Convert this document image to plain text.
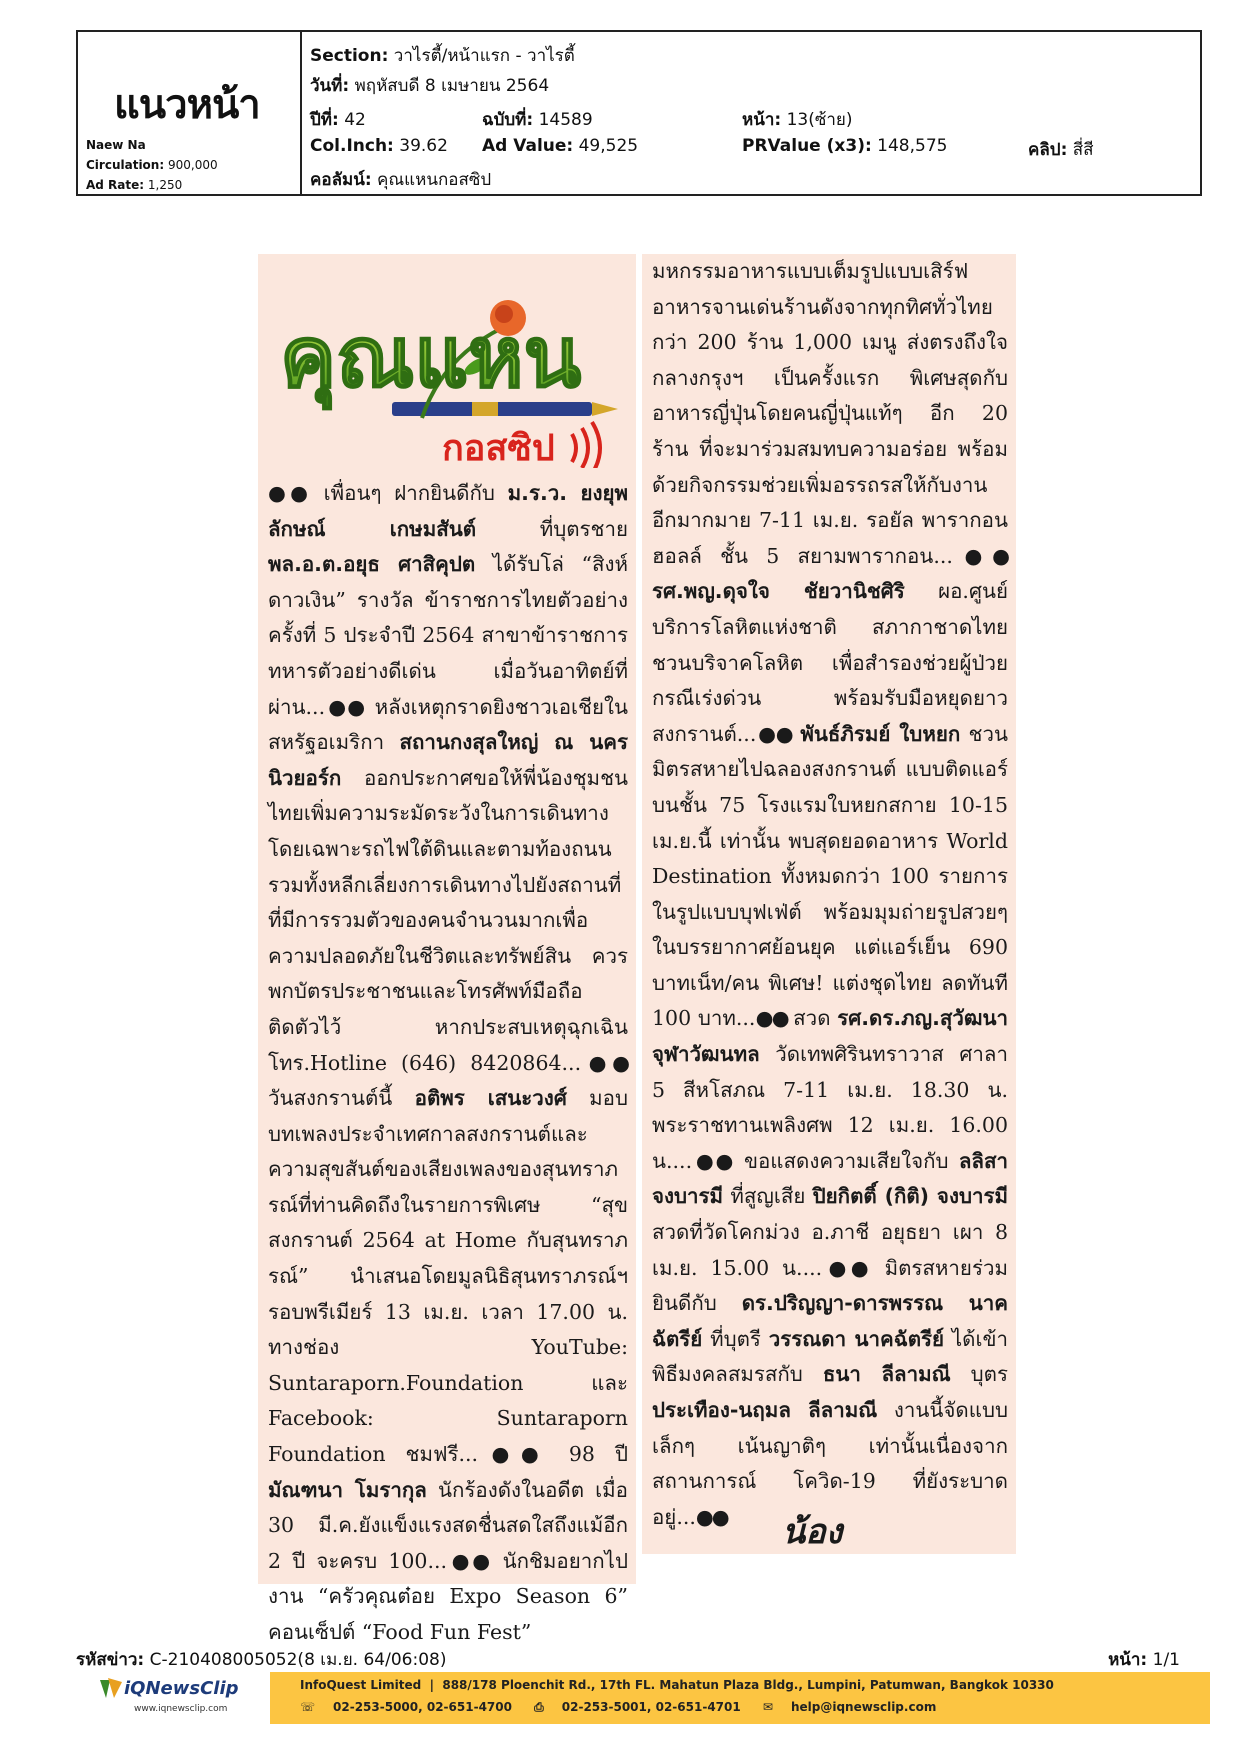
แนวหน้า
Naew Na
Circulation: 900,000
Ad Rate: 1,250
Section: วาไรตี้/หน้าแรก - วาไรตี้
วันที่: พฤหัสบดี 8 เมษายน 2564
ปีที่: 42	ฉบับที่: 14589	หน้า: 13(ซ้าย)
Col.Inch: 39.62 Ad Value: 49,525	PRValue (x3): 148,575	คลิป: สี่สี
คอลัมน์: คุณแหนกอสซิป
คุณแหน
กอสซิป
●● เพื่อนๆ ฝากยินดีกับ ม.ร.ว. ยงยุพลักษณ์ เกษมสันต์ ที่บุตรชาย พล.อ.ต.อยุธ ศาสิคุปต ได้รับโล่ “สิงห์ดาวเงิน” รางวัล ข้าราชการไทยตัวอย่าง ครั้งที่ 5 ประจำปี 2564 สาขาข้าราชการทหารตัวอย่างดีเด่น เมื่อวันอาทิตย์ที่ผ่าน...●● หลังเหตุกราดยิงชาวเอเชียในสหรัฐอเมริกา สถานกงสุลใหญ่ ณ นครนิวยอร์ก ออกประกาศขอให้พี่น้องชุมชนไทยเพิ่มความระมัดระวังในการเดินทาง โดยเฉพาะรถไฟใต้ดินและตามท้องถนน รวมทั้งหลีกเลี่ยงการเดินทางไปยังสถานที่ที่มีการรวมตัวของคนจำนวนมากเพื่อความปลอดภัยในชีวิตและทรัพย์สิน ควรพกบัตรประชาชนและโทรศัพท์มือถือติดตัวไว้ หากประสบเหตุฉุกเฉิน โทร.Hotline (646) 8420864...●● วันสงกรานต์นี้ อติพร เสนะวงศ์ มอบบทเพลงประจำเทศกาลสงกรานต์และความสุขสันต์ของเสียงเพลงของสุนทราภรณ์ที่ท่านคิดถึงในรายการพิเศษ “สุขสงกรานต์ 2564 at Home กับสุนทราภรณ์” นำเสนอโดยมูลนิธิสุนทราภรณ์ฯ รอบพรีเมียร์ 13 เม.ย. เวลา 17.00 น. ทางช่อง YouTube: Suntaraporn.Foundation และ Facebook: Suntaraporn Foundation ชมฟรี...●● 98 ปี มัณฑนา โมรากุล นักร้องดังในอดีต เมื่อ 30 มี.ค.ยังแข็งแรงสดชื่นสดใสถึงแม้อีก 2 ปี จะครบ 100...●● นักชิมอยากไปงาน “ครัวคุณต๋อย Expo Season 6” คอนเซ็ปต์ “Food Fun Fest”
มหกรรมอาหารแบบเต็มรูปแบบเสิร์ฟอาหารจานเด่นร้านดังจากทุกทิศทั่วไทย กว่า 200 ร้าน 1,000 เมนู ส่งตรงถึงใจกลางกรุงฯ เป็นครั้งแรก พิเศษสุดกับอาหารญี่ปุ่นโดยคนญี่ปุ่นแท้ๆ อีก 20 ร้าน ที่จะมาร่วมสมทบความอร่อย พร้อมด้วยกิจกรรมช่วยเพิ่มอรรถรสให้กับงานอีกมากมาย 7-11 เม.ย. รอยัล พารากอน ฮอลล์ ชั้น 5 สยามพารากอน...●● รศ.พญ.ดุจใจ ชัยวานิชศิริ ผอ.ศูนย์บริการโลหิตแห่งชาติ สภากาชาดไทย ชวนบริจาคโลหิต เพื่อสำรองช่วยผู้ป่วยกรณีเร่งด่วน พร้อมรับมือหยุดยาวสงกรานต์...●● พันธ์ภิรมย์ ใบหยก ชวนมิตรสหายไปฉลองสงกรานต์ แบบติดแอร์บนชั้น 75 โรงแรมใบหยกสกาย 10-15 เม.ย.นี้ เท่านั้น พบสุดยอดอาหาร World Destination ทั้งหมดกว่า 100 รายการ ในรูปแบบบุฟเฟ่ต์ พร้อมมุมถ่ายรูปสวยๆ ในบรรยากาศย้อนยุค แต่แอร์เย็น 690 บาทเน็ท/คน พิเศษ! แต่งชุดไทย ลดทันที 100 บาท...●● สวด รศ.ดร.ภญ.สุวัฒนา จุฬาวัฒนทล วัดเทพศิรินทราวาส ศาลา 5 สีหโสภณ 7-11 เม.ย. 18.30 น. พระราชทานเพลิงศพ 12 เม.ย. 16.00 น....●● ขอแสดงความเสียใจกับ ลลิสา จงบารมี ที่สูญเสีย ปิยกิตติ์ (กิติ) จงบารมี สวดที่วัดโคกม่วง อ.ภาชี อยุธยา เผา 8 เม.ย. 15.00 น....●● มิตรสหายร่วมยินดีกับ ดร.ปริญญา-ดารพรรณ นาคฉัตรีย์ ที่บุตรี วรรณดา นาคฉัตรีย์ ได้เข้าพิธีมงคลสมรสกับ ธนา ลีลามณี บุตร ประเทือง-นฤมล ลีลามณี งานนี้จัดแบบเล็กๆ เน้นญาติๆ เท่านั้นเนื่องจากสถานการณ์ โควิด-19 ที่ยังระบาดอยู่...●●	น้อง
รหัสข่าว: C-210408005052(8 เม.ย. 64/06:08)	หน้า: 1/1
iQNewsClip
www.iqnewsclip.com
InfoQuest Limited  |  888/178 Ploenchit Rd., 17th FL. Mahatun Plaza Bldg., Lumpini, Patumwan, Bangkok 10330
☏ 02-253-5000, 02-651-4700 ⎙ 02-253-5001, 02-651-4701 ✉ help@iqnewsclip.com
